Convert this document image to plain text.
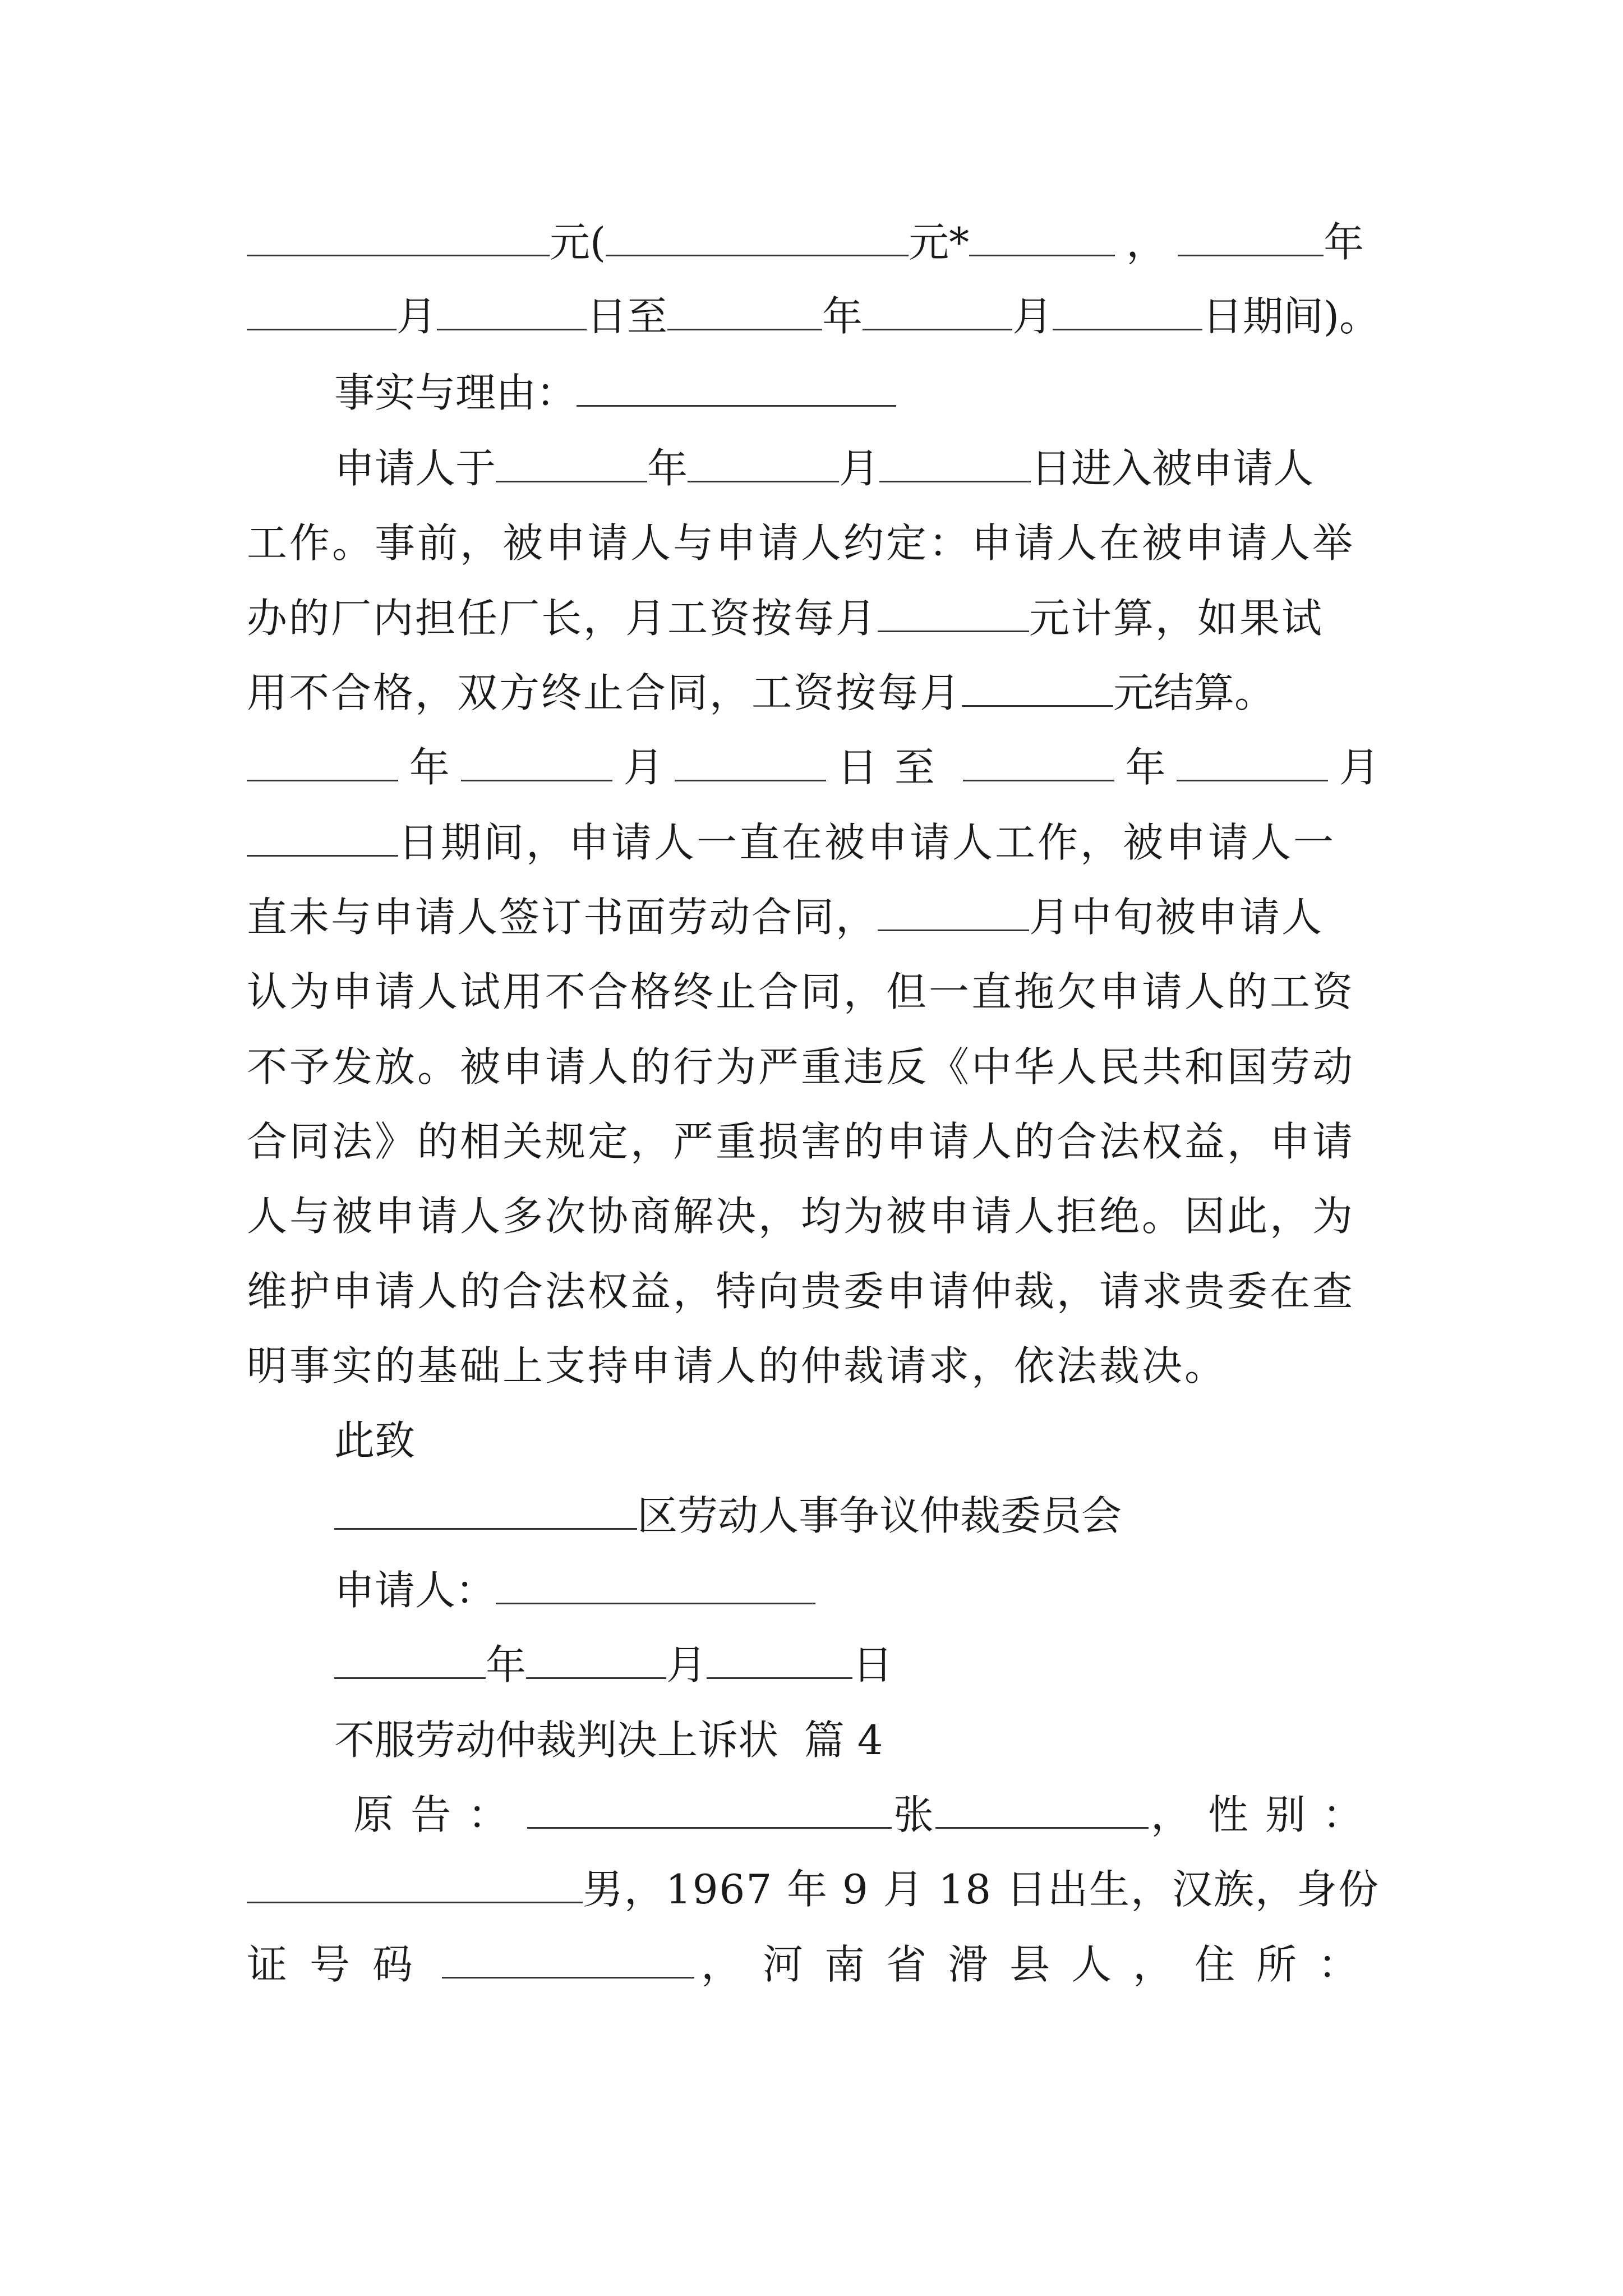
元(	元*	，	年
月	日至	年	月	日期间)。
事实与理由：
申请人于	年	月	日进入被申请人
工作。事前，被申请人与申请人约定：申请人在被申请人举
办的厂内担任厂长，月工资按每月	元计算，如果试
用不合格，双方终止合同，工资按每月	元结算。
年	月	日至	年	月
日期间，申请人一直在被申请人工作，被申请人一
直未与申请人签订书面劳动合同，	月中旬被申请人
认为申请人试用不合格终止合同，但一直拖欠申请人的工资
不予发放。被申请人的行为严重违反《中华人民共和国劳动
合同法》的相关规定，严重损害的申请人的合法权益，申请
人与被申请人多次协商解决，均为被申请人拒绝。因此，为
维护申请人的合法权益，特向贵委申请仲裁，请求贵委在查
明事实的基础上支持申请人的仲裁请求，依法裁决。
此致
区劳动人事争议仲裁委员会
申请人：
年	月	日
不服劳动仲裁判决上诉状  篇 4
原告：	张	，性别：
男，1967 年 9 月 18 日出生，汉族，身份
证号码	，河南省滑县人，住所：
